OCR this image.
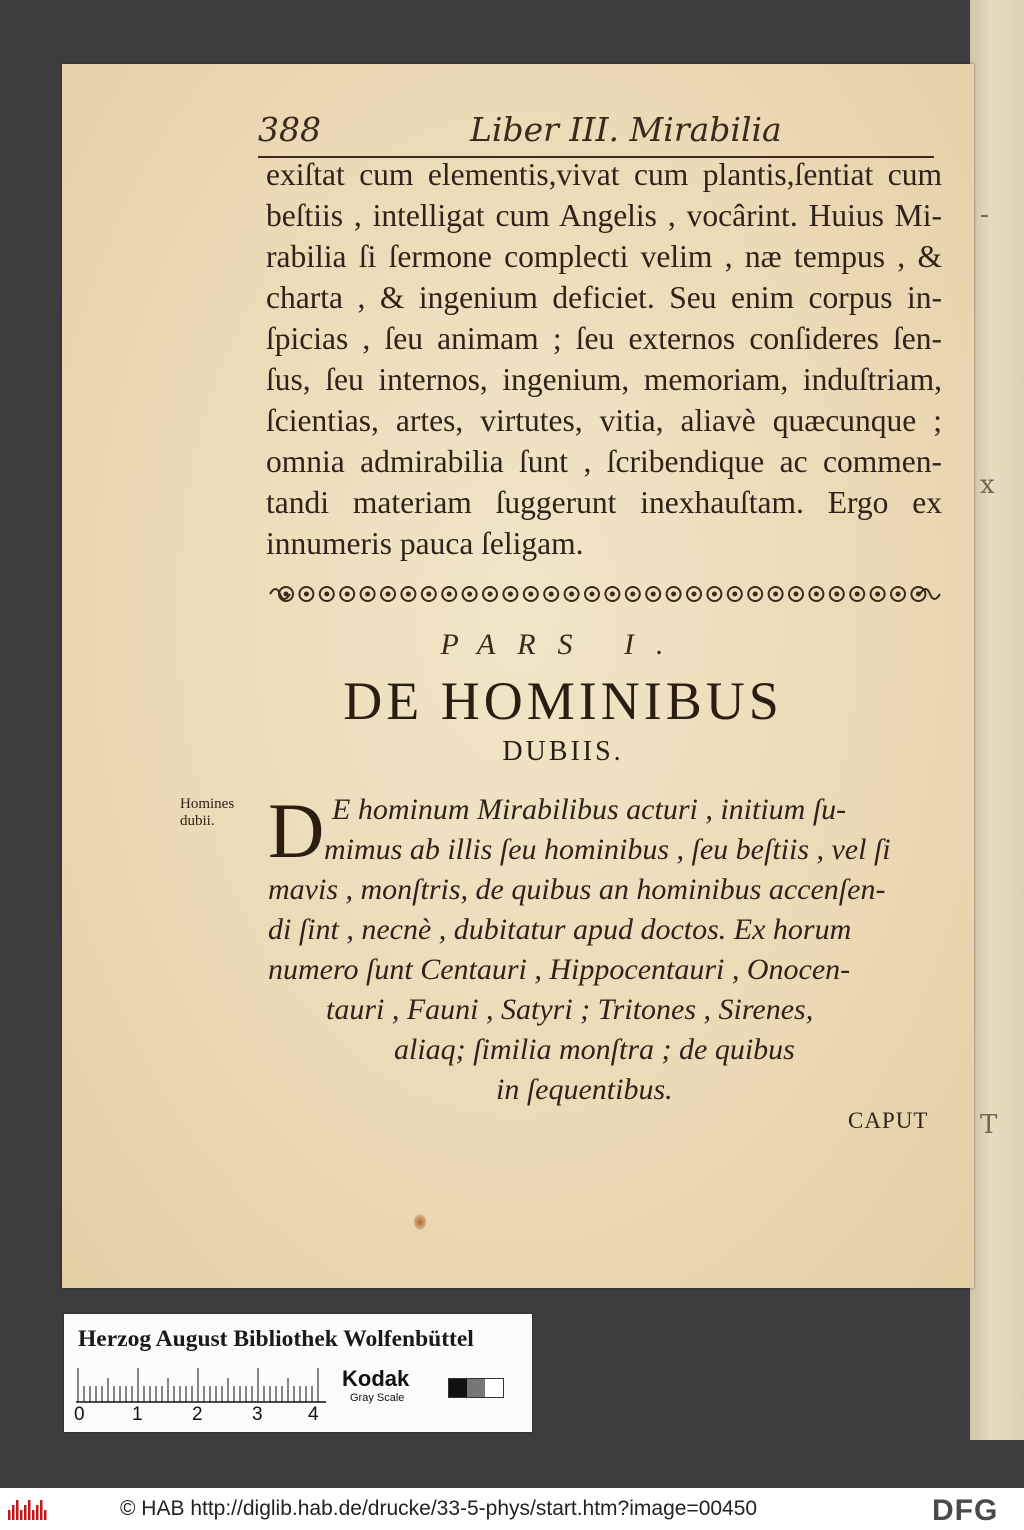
-
x
T
388	Liber III. Mirabilia
exiſtat cum elementis,vivat cum plantis,ſentiat cum
beſtiis , intelligat cum Angelis , vocârint. Huius Mi-
rabilia ſi ſermone complecti velim , næ tempus , &
charta , & ingenium deficiet. Seu enim corpus in-
ſpicias , ſeu animam ; ſeu externos conſideres ſen-
ſus, ſeu internos, ingenium, memoriam, induſtriam,
ſcientias, artes, virtutes, vitia, aliavè quæcunque ;
omnia admirabilia ſunt , ſcribendique ac commen-
tandi materiam ſuggerunt inexhauſtam. Ergo ex
innumeris pauca ſeligam.
PARS I.
DE HOMINIBUS
DUBIIS.
Homines
dubii. D E hominum Mirabilibus acturi , initium ſu-
mimus ab illis ſeu hominibus , ſeu beſtiis , vel ſi
mavis , monſtris, de quibus an hominibus accenſen-
di ſint , necnè , dubitatur apud doctos. Ex horum
numero ſunt Centauri , Hippocentauri , Onocen-
tauri , Fauni , Satyri ; Tritones , Sirenes,
aliaq; ſimilia monſtra ; de quibus
in ſequentibus.
CAPUT
Herzog August Bibliothek Wolfenbüttel
0 1	2	3 4
Kodak
Gray Scale
© HAB http://diglib.hab.de/drucke/33-5-phys/start.htm?image=00450	DFG
